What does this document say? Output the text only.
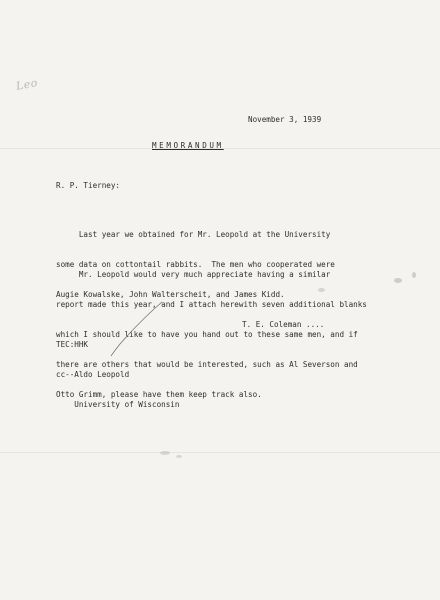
Leo
November 3, 1939
MEMORANDUM
R. P. Tierney:

Last year we obtained for Mr. Leopold at the University

some data on cottontail rabbits.  The men who cooperated were

Augie Kowalske, John Walterscheit, and James Kidd.

Mr. Leopold would very much appreciate having a similar

report made this year, and I attach herewith seven additional blanks

which I should like to have you hand out to these same men, and if

there are others that would be interested, such as Al Severson and

Otto Grimm, please have them keep track also.

TEC:HHK

cc--Aldo Leopold

University of Wisconsin

T. E. Coleman ....
